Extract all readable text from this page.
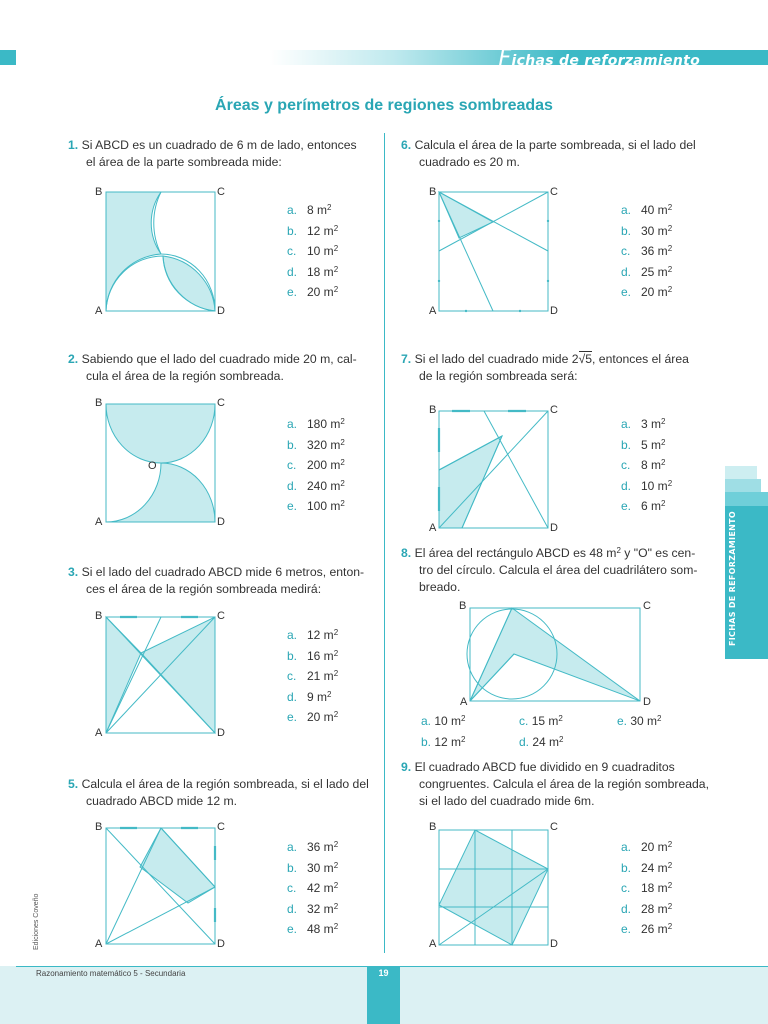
Fichas de reforzamiento
Áreas y perímetros de regiones sombreadas
FICHAS DE REFORZAMIENTO
1. Si ABCD es un cuadrado de 6 m de lado, entonces
el área de la parte sombreada mide:
B	C
A	D
a. 8 $m^2$
b. 12 $m^2$
c. 10 $m^2$
d. 18 $m^2$
e. 20 $m^2$
2. Sabiendo que el lado del cuadrado mide 20 m, cal-
cula el área de la región sombreada.
B	C
A	D
O
a. 180 $m^2$
b. 320 $m^2$
c. 200 $m^2$
d. 240 $m^2$
e. 100 $m^2$
3. Si el lado del cuadrado ABCD mide 6 metros, enton-
ces el área de la región sombreada medirá:
B	C
A	D
a. 12 $m^2$
b. 16 $m^2$
c. 21 $m^2$
d. 9 $m^2$
e. 20 $m^2$
5. Calcula el área de la región sombreada, si el lado del
cuadrado ABCD mide 12 m.
B	C
A	D
a. 36 $m^2$
b. 30 $m^2$
c. 42 $m^2$
d. 32 $m^2$
e. 48 $m^2$
6. Calcula el área de la parte sombreada, si el lado del
cuadrado es 20 m.
B	C
A	D
a. 40 $m^2$
b. 30 $m^2$
c. 36 $m^2$
d. 25 $m^2$
e. 20 $m^2$
7. Si el lado del cuadrado mide 2√5, entonces el área
de la región sombreada será:
B	C
A	D
a. 3 $m^2$
b. 5 $m^2$
c. 8 $m^2$
d. 10 $m^2$
e. 6 $m^2$
8. El área del rectángulo ABCD es 48 $m^2$ y "O" es cen-
tro del círculo. Calcula el área del cuadrilátero som-
breado.
B	C
A	D
a. 10 $m^2$	c. 15 $m^2$	e. 30 $m^2$
b. 12 $m^2$	d. 24 $m^2$
9. El cuadrado ABCD fue dividido en 9 cuadraditos
congruentes. Calcula el área de la región sombreada,
si el lado del cuadrado mide 6m.
B	C
A	D
a. 20 $m^2$
b. 24 $m^2$
c. 18 $m^2$
d. 28 $m^2$
e. 26 $m^2$
Ediciones Coveño
Razonamiento matemático 5 - Secundaria	19
